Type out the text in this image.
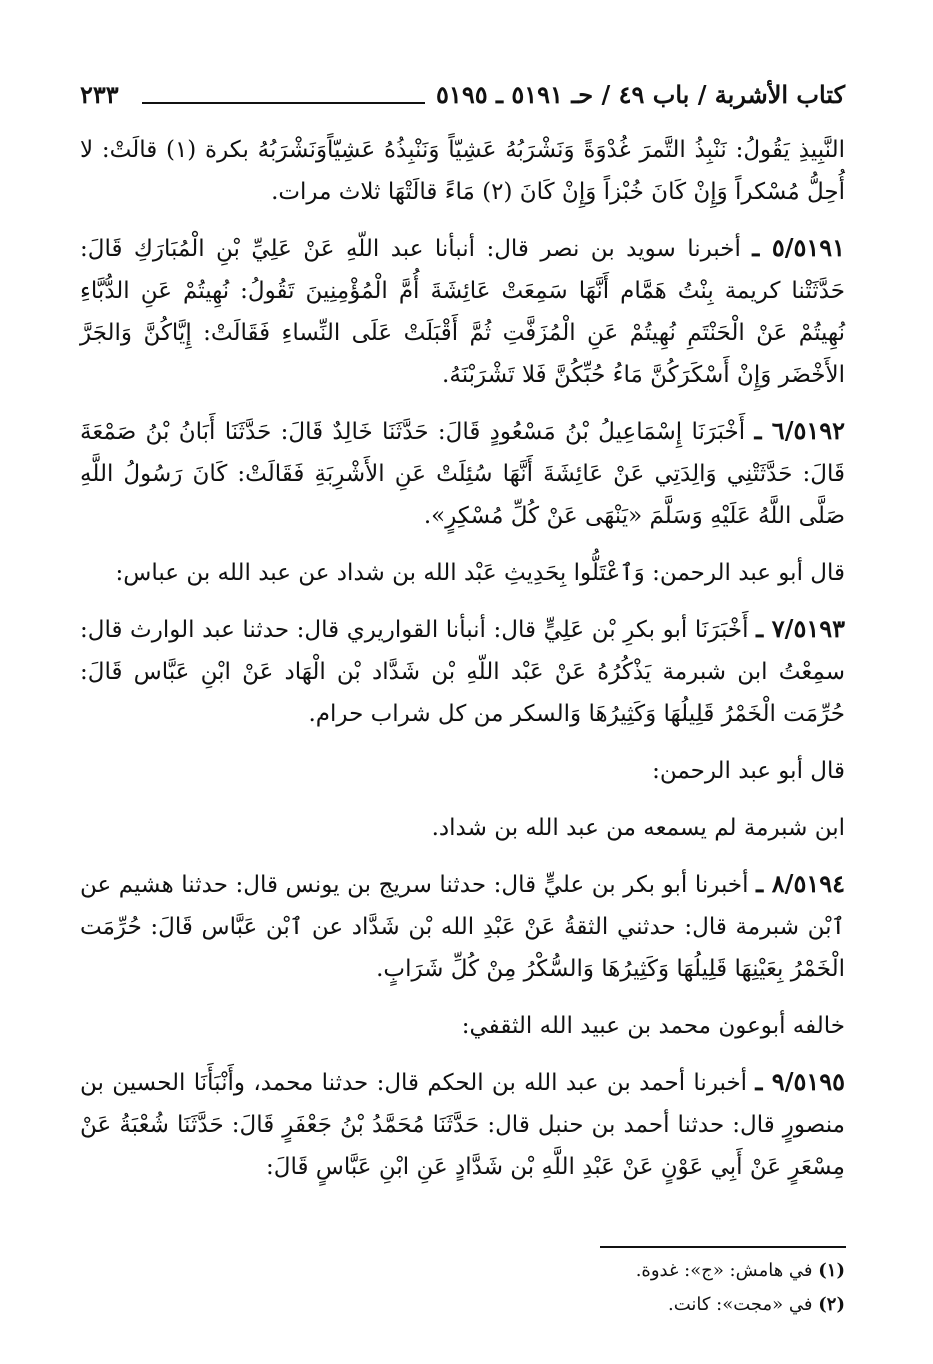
كتاب الأشربة / باب ٤٩ / حـ ٥١٩١ ـ ٥١٩٥
٢٣٣

النَّبِيذِ يَقُولُ: نَنْبِذُ التَّمرَ غُدْوَةً وَنَشْرَبُهُ عَشِيّاً وَنَنْبِذُهُ عَشِيّاًوَنَشْرَبُهُ بكرة (١) قالَتْ: لا أُحِلُّ مُسْكراً وَإِنْ كَانَ خُبْزاً وَإِنْ كَانَ (٢) مَاءً قالَتْهَا ثلاث مرات.

٥/٥١٩١ ـ أخبرنا سويد بن نصر قال: أنبأنا عبد اللّهِ عَنْ عَلِيِّ بْنِ الْمُبَارَكِ قَالَ: حَدَّثَتْنا كريمة بِنْتُ هَمَّام أَنَّهَا سَمِعَتْ عَائِشَةَ أُمَّ الْمُؤْمِنِينَ تَقُولُ: نُهِيتُمْ عَنِ الدُّبَّاءِ نُهِيتُمْ عَنْ الْحَنْتَمِ نُهِيتُمْ عَنِ الْمُزَفَّتِ ثُمَّ أَقْبَلَتْ عَلَى النِّساءِ فَقَالَتْ: إِيَّاكُنَّ وَالجَرَّ الأَخْضَر وَإِنْ أَسْكَرَكُنَّ مَاءُ حُبِّكُنَّ فَلا تَشْرَبْنَهُ.

٦/٥١٩٢ ـ أَخْبَرَنَا إِسْمَاعِيلُ بْنُ مَسْعُودٍ قَالَ: حَدَّثَنَا خَالِدٌ قَالَ: حَدَّثَنَا أَبَانُ بْنُ صَمْعَةَ قَالَ: حَدَّثَتْنِي وَالِدَتِي عَنْ عَائِشَةَ أَنَّهَا سُئِلَتْ عَنِ الأَشْرِبَةِ فَقَالَتْ: كَانَ رَسُولُ اللَّهِ صَلَّى اللَّهُ عَلَيْهِ وَسَلَّمَ «يَنْهَى عَنْ كُلِّ مُسْكِرٍ».

قال أبو عبد الرحمن: وَٱعْتَلُّوا بِحَدِيثِ عَبْد الله بن شداد عن عبد الله بن عباس:

٧/٥١٩٣ ـ أَخْبَرَنَا أبو بكرِ بْن عَلِيٍّ قال: أنبأنا القواريري قال: حدثنا عبد الوارث قال: سمِعْتُ ابن شبرمة يَذْكُرُهُ عَنْ عَبْد اللّهِ بْن شَدَّاد بْن الْهَاد عَنْ ابْنِ عَبَّاس قَالَ: حُرِّمَت الْخَمْرُ قَلِيلُهَا وَكَثِيرُهَا وَالسكر من كل شراب حرام.

قال أبو عبد الرحمن:

ابن شبرمة لم يسمعه من عبد الله بن شداد.

٨/٥١٩٤ ـ أخبرنا أبو بكر بن عليٍّ قال: حدثنا سريج بن يونس قال: حدثنا هشيم عن ٱبْن شبرمة قال: حدثني الثقةُ عَنْ عَبْدِ الله بْن شَدَّاد عن ٱبْن عَبَّاس قَالَ: حُرِّمَت الْخَمْرُ بِعَيْنِهَا قَلِيلُهَا وَكَثِيرُهَا وَالسُّكْرُ مِنْ كُلِّ شَرَابٍ.

خالفه أبوعون محمد بن عبيد الله الثقفي:

٩/٥١٩٥ ـ أخبرنا أحمد بن عبد الله بن الحكم قال: حدثنا محمد، وأَنْبَأَنَا الحسين بن منصورٍ قال: حدثنا أحمد بن حنبل قال: حَدَّثَنَا مُحَمَّدُ بْنُ جَعْفَرٍ قَالَ: حَدَّثَنَا شُعْبَةُ عَنْ مِسْعَرٍ عَنْ أَبِي عَوْنٍ عَنْ عَبْدِ اللَّهِ بْن شَدَّادٍ عَنِ ابْنِ عَبَّاسٍ قَالَ:

(١) في هامش: «ج»: غدوة.
(٢) في «مجت»: كانت.
